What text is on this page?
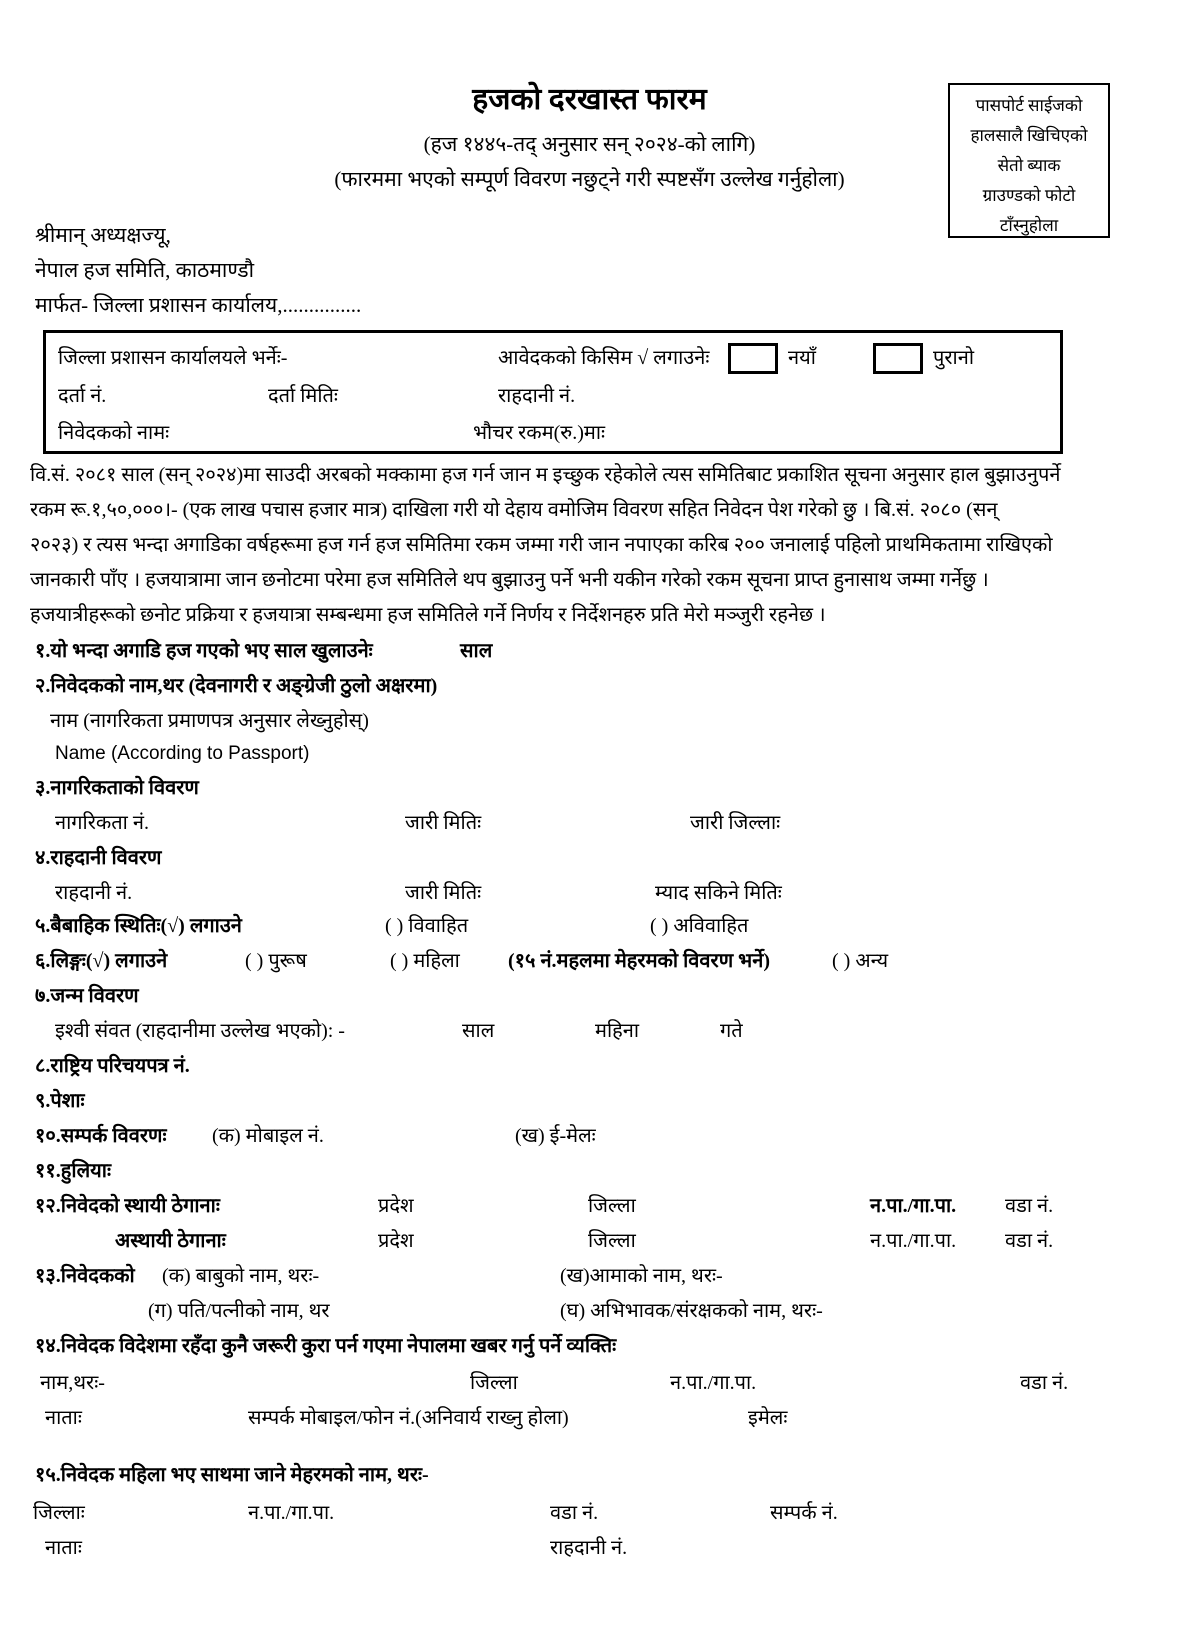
पासपोर्ट साईजको
हालसालै खिचिएको
सेतो ब्याक
ग्राउण्डको फोटो
टाँस्नुहोला
हजको दरखास्त फारम
(हज १४४५-तद् अनुसार सन् २०२४-को लागि)
(फारममा भएको सम्पूर्ण विवरण नछुट्ने गरी स्पष्टसँग उल्लेख गर्नुहोला)
श्रीमान् अध्यक्षज्यू,
नेपाल हज समिति, काठमाण्डौ
मार्फत- जिल्ला प्रशासन कार्यालय,...............
जिल्ला प्रशासन कार्यालयले भर्नेः-	आवेदकको किसिम √ लगाउनेः	नयाँ	पुरानो
दर्ता नं.	दर्ता मितिः	राहदानी नं.
निवेदकको नामः	भौचर रकम(रु.)माः
वि.सं. २०८१ साल (सन् २०२४)मा साउदी अरबको मक्कामा हज गर्न जान म इच्छुक रहेकोले त्यस समितिबाट प्रकाशित सूचना अनुसार हाल बुझाउनुपर्ने
रकम रू.१,५०,०००।- (एक लाख पचास हजार मात्र) दाखिला गरी यो देहाय वमोजिम विवरण सहित निवेदन पेश गरेको छु । बि.सं. २०८० (सन्
२०२३) र त्यस भन्दा अगाडिका वर्षहरूमा हज गर्न हज समितिमा रकम जम्मा गरी जान नपाएका करिब २०० जनालाई पहिलो प्राथमिकतामा राखिएको
जानकारी पाँए । हजयात्रामा जान छनोटमा परेमा हज समितिले थप बुझाउनु पर्ने भनी यकीन गरेको रकम सूचना प्राप्त हुनासाथ जम्मा गर्नेछु ।
हजयात्रीहरूको छनोट प्रक्रिया र हजयात्रा सम्बन्धमा हज समितिले गर्ने निर्णय र निर्देशनहरु प्रति मेरो मञ्जुरी रहनेछ ।
१.यो भन्दा अगाडि हज गएको भए साल खुलाउनेः	साल
२.निवेदकको नाम,थर (देवनागरी र अङ्ग्रेजी ठुलो अक्षरमा)
नाम (नागरिकता प्रमाणपत्र अनुसार लेख्नुहोस्)
Name (According to Passport)
३.नागरिकताको विवरण
नागरिकता नं.	जारी मितिः	जारी जिल्लाः
४.राहदानी विवरण
राहदानी नं.	जारी मितिः	म्याद सकिने मितिः
५.बैबाहिक स्थितिः(√) लगाउने	( ) विवाहित	( ) अविवाहित
६.लिङ्गः(√) लगाउने	( ) पुरूष	( ) महिला (१५ नं.महलमा मेहरमको विवरण भर्ने)	( ) अन्य
७.जन्म विवरण
इश्वी संवत (राहदानीमा उल्लेख भएको): -	साल	महिना	गते
८.राष्ट्रिय परिचयपत्र नं.
९.पेशाः
१०.सम्पर्क विवरणः (क) मोबाइल नं.	(ख) ई-मेलः
११.हुलियाः
१२.निवेदको स्थायी ठेगानाः	प्रदेश	जिल्ला	न.पा./गा.पा. वडा नं.
अस्थायी ठेगानाः	प्रदेश	जिल्ला	न.पा./गा.पा. वडा नं.
१३.निवेदकको (क) बाबुको नाम, थरः-	(ख)आमाको नाम, थरः-
(ग) पति/पत्नीको नाम, थर	(घ) अभिभावक/संरक्षकको नाम, थरः-
१४.निवेदक विदेशमा रहँदा कुनै जरूरी कुरा पर्न गएमा नेपालमा खबर गर्नु पर्ने व्यक्तिः
नाम,थरः-	जिल्ला	न.पा./गा.पा.	वडा नं.
नाताः	सम्पर्क मोबाइल/फोन नं.(अनिवार्य राख्नु होला)	इमेलः
१५.निवेदक महिला भए साथमा जाने मेहरमको नाम, थरः-
जिल्लाः	न.पा./गा.पा.	वडा नं.	सम्पर्क नं.
नाताः	राहदानी नं.
